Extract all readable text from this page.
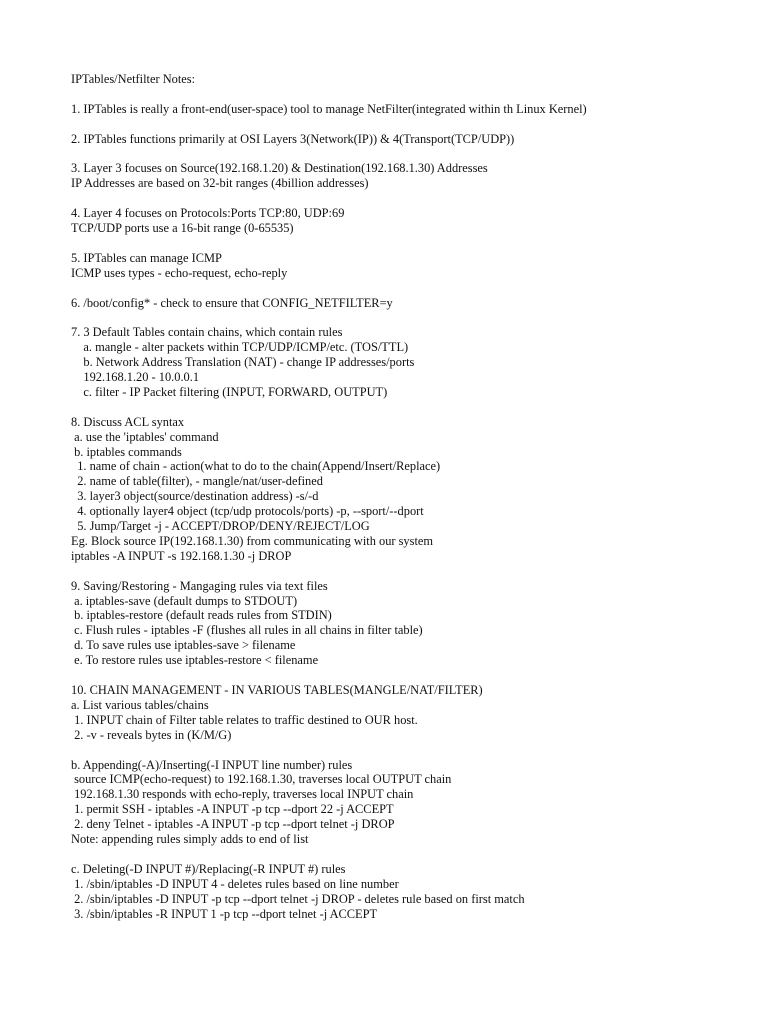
IPTables/Netfilter Notes:
1. IPTables is really a front-end(user-space) tool to manage NetFilter(integrated within th Linux Kernel)
2. IPTables functions primarily at OSI Layers 3(Network(IP)) & 4(Transport(TCP/UDP))
3. Layer 3 focuses on Source(192.168.1.20) & Destination(192.168.1.30) Addresses
IP Addresses are based on 32-bit ranges (4billion addresses)
4. Layer 4 focuses on Protocols:Ports TCP:80, UDP:69
TCP/UDP ports use a 16-bit range (0-65535)
5. IPTables can manage ICMP
ICMP uses types - echo-request, echo-reply
6. /boot/config* - check to ensure that CONFIG_NETFILTER=y
7. 3 Default Tables contain chains, which contain rules
a. mangle - alter packets within TCP/UDP/ICMP/etc. (TOS/TTL)
b. Network Address Translation (NAT) - change IP addresses/ports
192.168.1.20 - 10.0.0.1
c. filter - IP Packet filtering (INPUT, FORWARD, OUTPUT)
8. Discuss ACL syntax
a. use the 'iptables' command
b. iptables commands
1. name of chain - action(what to do to the chain(Append/Insert/Replace)
2. name of table(filter), - mangle/nat/user-defined
3. layer3 object(source/destination address) -s/-d
4. optionally layer4 object (tcp/udp protocols/ports) -p, --sport/--dport
5. Jump/Target -j - ACCEPT/DROP/DENY/REJECT/LOG
Eg. Block source IP(192.168.1.30) from communicating with our system
iptables -A INPUT -s 192.168.1.30 -j DROP
9. Saving/Restoring - Mangaging rules via text files
a. iptables-save (default dumps to STDOUT)
b. iptables-restore (default reads rules from STDIN)
c. Flush rules - iptables -F (flushes all rules in all chains in filter table)
d. To save rules use iptables-save > filename
e. To restore rules use iptables-restore < filename
10. CHAIN MANAGEMENT - IN VARIOUS TABLES(MANGLE/NAT/FILTER)
a. List various tables/chains
1. INPUT chain of Filter table relates to traffic destined to OUR host.
2. -v - reveals bytes in (K/M/G)
b. Appending(-A)/Inserting(-I INPUT line number) rules
source ICMP(echo-request) to 192.168.1.30, traverses local OUTPUT chain
192.168.1.30 responds with echo-reply, traverses local INPUT chain
1. permit SSH - iptables -A INPUT -p tcp --dport 22 -j ACCEPT
2. deny Telnet - iptables -A INPUT -p tcp --dport telnet -j DROP
Note: appending rules simply adds to end of list
c. Deleting(-D INPUT #)/Replacing(-R INPUT #) rules
1. /sbin/iptables -D INPUT 4 - deletes rules based on line number
2. /sbin/iptables -D INPUT -p tcp --dport telnet -j DROP - deletes rule based on first match
3. /sbin/iptables -R INPUT 1 -p tcp --dport telnet -j ACCEPT
